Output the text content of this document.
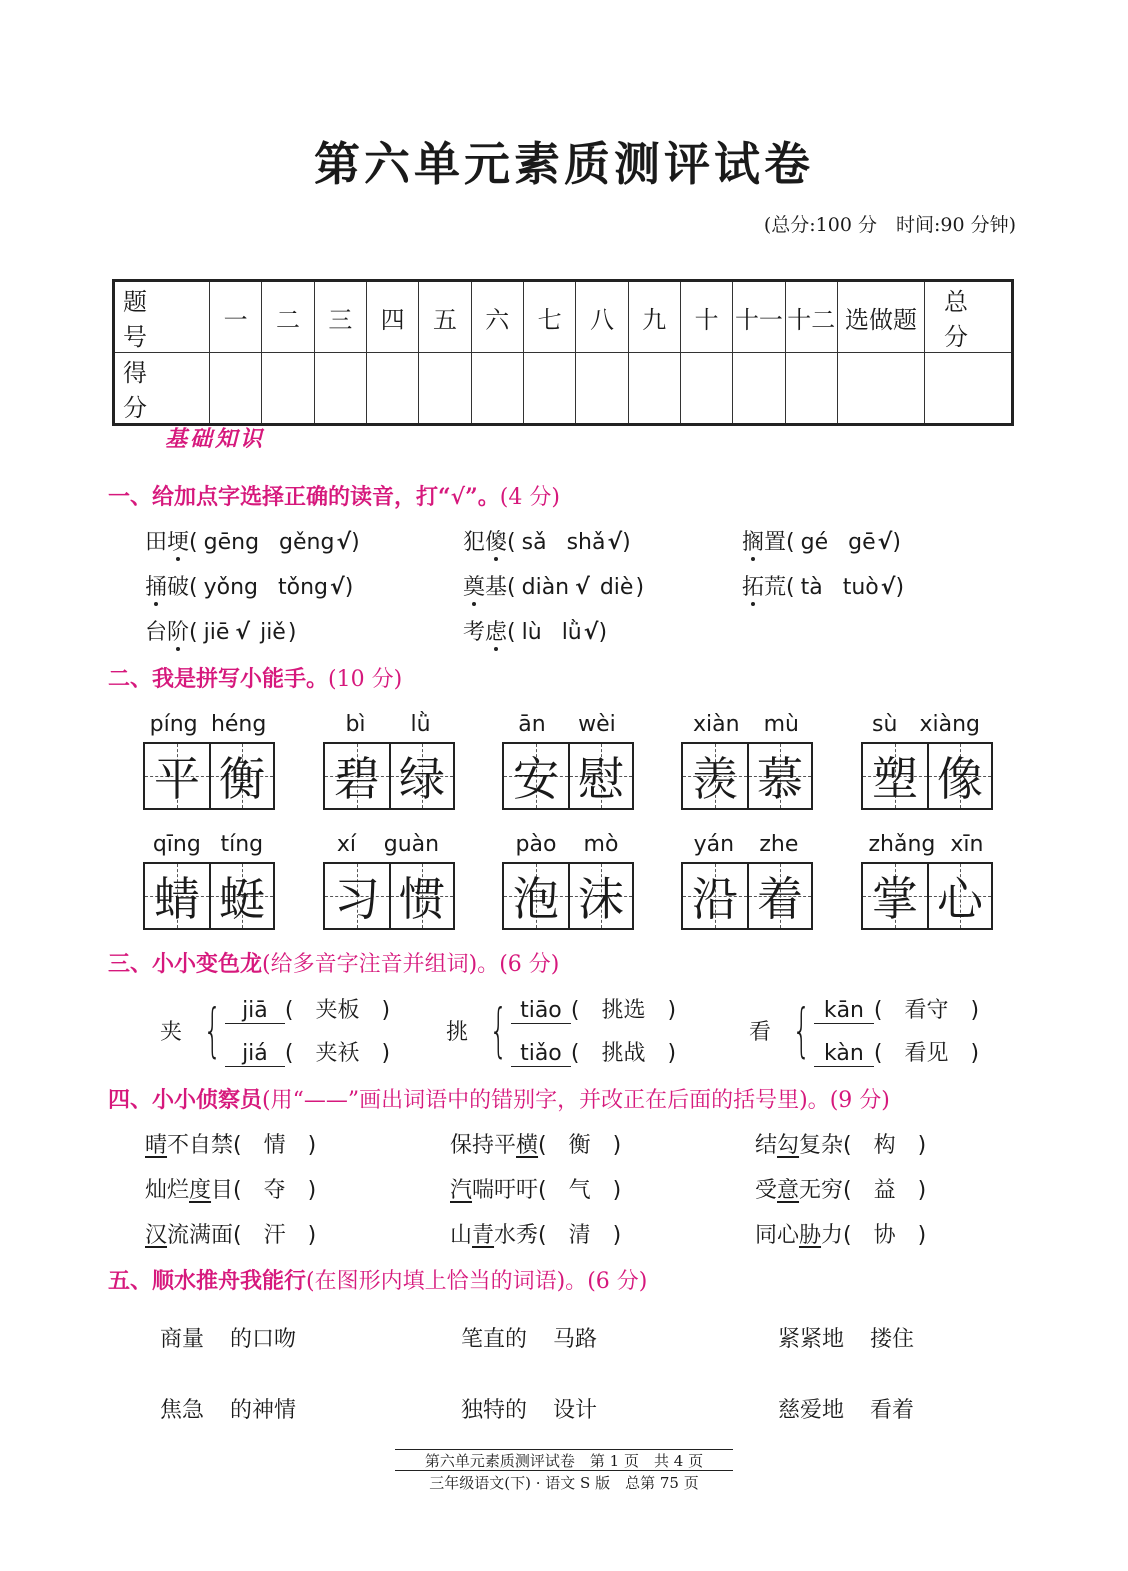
第六单元素质测评试卷
(总分:100 分　时间:90 分钟)
题　号	一	二	三	四	五	六	七	八	九	十	十一	十二	选做题	总　分
得　分														
基础知识
一、给加点字选择正确的读音，打“√”。(4 分)
田埂( gēng gěng√)	犯傻( sǎ shǎ√)	搁置( gé gē√)
捅破( yǒng tǒng√)	奠基( diàn √ diè)	拓荒( tà tuò√)
台阶( jiē √ jiě)	考虑( lù lǜ√)
二、我是拼写小能手。(10 分)
píng héng
平 衡
bì lǜ
碧 绿
ān wèi
安 慰
xiàn mù
羡 慕
sù xiàng
塑 像
qīng tíng
蜻 蜓
xí guàn
习 惯
pào mò
泡 沫
yán zhe
沿 着
zhǎng xīn
掌 心
三、小小变色龙(给多音字注音并组词)。(6 分)
夹 { jiā (　 夹板 　)
jiá (　 夹袄 　)
挑 { tiāo (　 挑选 　)
tiǎo (　 挑战 　)
看 { kān (　 看守 　)
kàn (　 看见 　)
四、小小侦察员(用“——”画出词语中的错别字，并改正在后面的括号里)。(9 分)
晴不自禁(　情　)	保持平横(　衡　)	结勾复杂(　构　)
灿烂度目(　夺　)	汽喘吁吁(　气　)	受意无穷(　益　)
汉流满面(　汗　)	山青水秀(　清　)	同心胁力(　协　)
五、顺水推舟我能行(在图形内填上恰当的词语)。(6 分)
商量 的口吻	笔直的 马路	紧紧地 搂住
焦急 的神情	独特的 设计	慈爱地 看着
第六单元素质测评试卷　第 1 页　共 4 页
三年级语文(下) · 语文 S 版　总第 75 页
